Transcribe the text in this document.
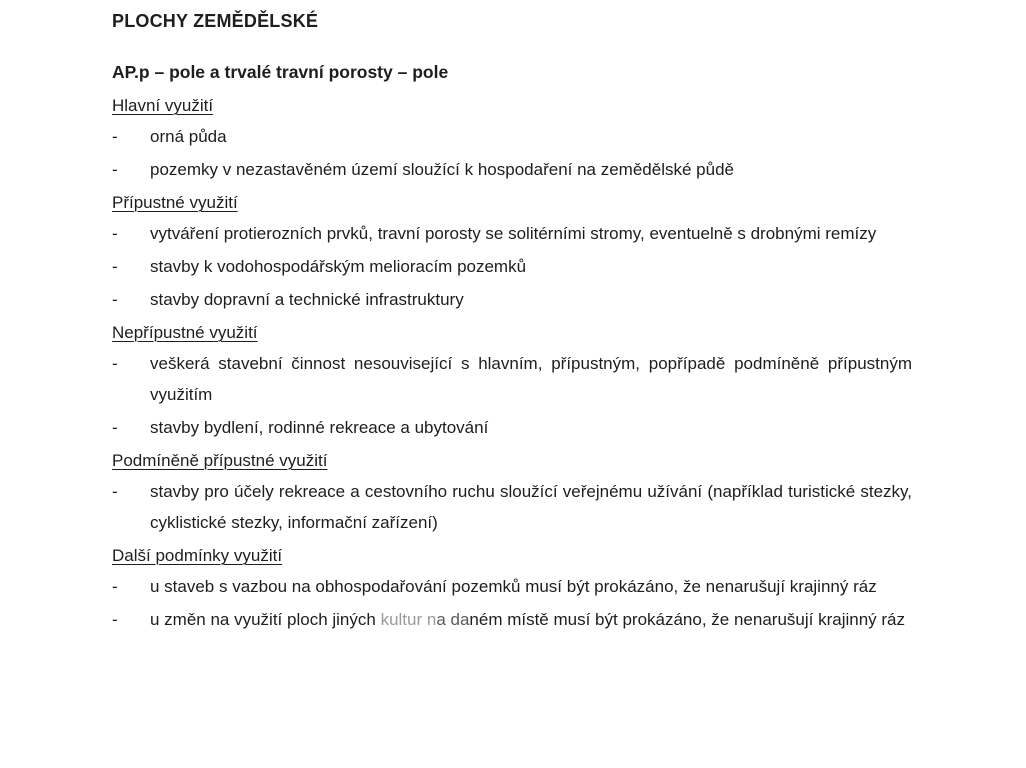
PLOCHY ZEMĚDĚLSKÉ
AP.p – pole a trvalé travní porosty – pole
Hlavní využití
-	orná půda
-	pozemky v nezastavěném území sloužící k hospodaření na zemědělské půdě
Přípustné využití
-	vytváření protierozních prvků, travní porosty se solitérními stromy, eventuelně s drobnými remízy
-	stavby k vodohospodářským melioracím pozemků
-	stavby dopravní a technické infrastruktury
Nepřípustné využití
-	veškerá stavební činnost nesouvisející s hlavním, přípustným, popřípadě podmíněně přípustným využitím
-	stavby bydlení, rodinné rekreace a ubytování
Podmíněně přípustné využití
-	stavby pro účely rekreace a cestovního ruchu sloužící veřejnému užívání (například turistické stezky, cyklistické stezky, informační zařízení)
Další podmínky využití
-	u staveb s vazbou na obhospodařování pozemků musí být prokázáno, že nenarušují krajinný ráz
-	u změn na využití ploch jiných kultur na daném místě musí být prokázáno, že nenarušují krajinný ráz
